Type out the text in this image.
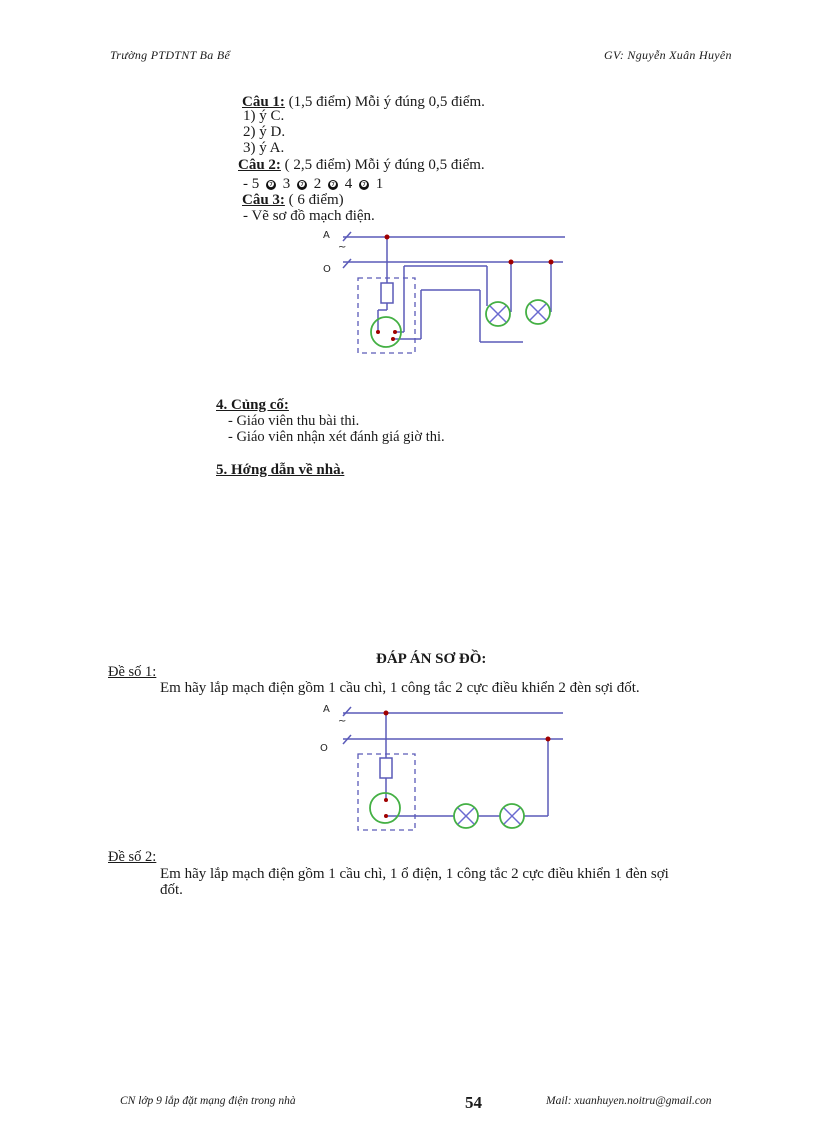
Trường PTDTNT Ba Bể	GV: Nguyễn Xuân Huyên
Câu 1: (1,5 điểm) Mỗi ý đúng 0,5 điểm.
1) ý C.
2) ý D.
3) ý A.
Câu 2: ( 2,5 điểm) Mỗi ý đúng 0,5 điểm.
- 5 ❼ 3 ❼ 2 ❼ 4 ❼ 1
Câu 3: ( 6 điểm)
- Vẽ sơ đồ mạch điện.
A
~
O
4. Củng cố:
- Giáo viên thu bài thi.
- Giáo viên nhận xét đánh giá giờ thi.
5. Hớng dẫn về nhà.
ĐÁP ÁN SƠ ĐỒ:
Đề số 1:
Em hãy lắp mạch điện gồm 1 cầu chì, 1 công tắc 2 cực điều khiển 2 đèn sợi đốt.
A
~
O
Đề số 2:
Em hãy lắp mạch điện gồm 1 cầu chì, 1 ổ điện, 1 công tắc 2 cực điều khiển 1 đèn sợi
đốt.
CN lớp 9 lắp đặt mạng điện trong nhà	54	Mail: xuanhuyen.noitru@gmail.con
